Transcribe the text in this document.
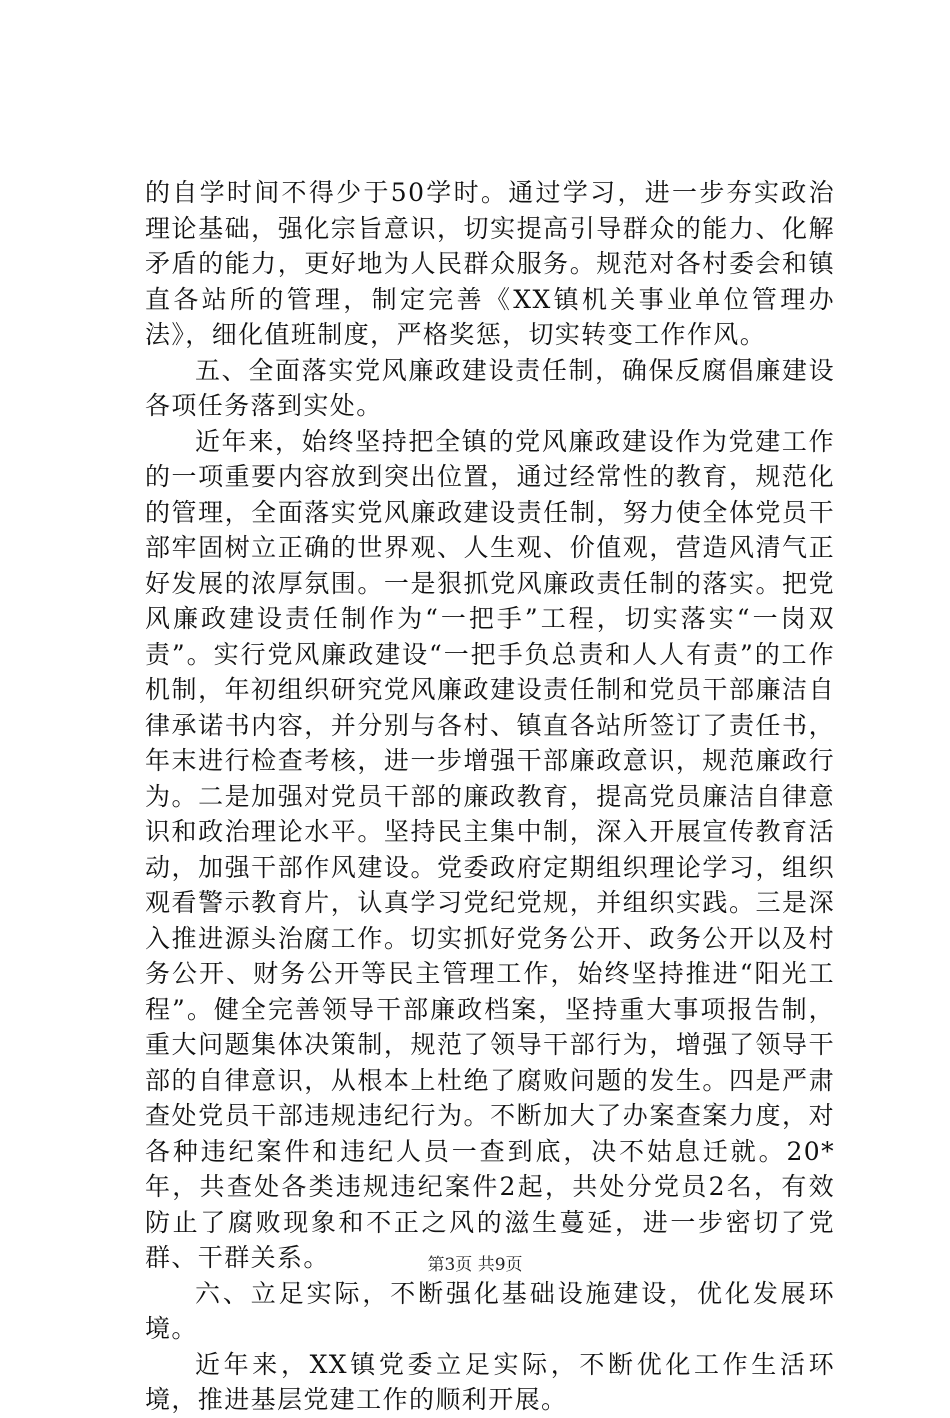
的自学时间不得少于50学时。通过学习，进一步夯实政治理论基础，强化宗旨意识，切实提高引导群众的能力、化解矛盾的能力，更好地为人民群众服务。规范对各村委会和镇直各站所的管理，制定完善《XX镇机关事业单位管理办法》，细化值班制度，严格奖惩，切实转变工作作风。

五、全面落实党风廉政建设责任制，确保反腐倡廉建设各项任务落到实处。

近年来，始终坚持把全镇的党风廉政建设作为党建工作的一项重要内容放到突出位置，通过经常性的教育，规范化的管理，全面落实党风廉政建设责任制，努力使全体党员干部牢固树立正确的世界观、人生观、价值观，营造风清气正好发展的浓厚氛围。一是狠抓党风廉政责任制的落实。把党风廉政建设责任制作为“一把手”工程，切实落实“一岗双责”。实行党风廉政建设“一把手负总责和人人有责”的工作机制，年初组织研究党风廉政建设责任制和党员干部廉洁自律承诺书内容，并分别与各村、镇直各站所签订了责任书，年末进行检查考核，进一步增强干部廉政意识，规范廉政行为。二是加强对党员干部的廉政教育，提高党员廉洁自律意识和政治理论水平。坚持民主集中制，深入开展宣传教育活动，加强干部作风建设。党委政府定期组织理论学习，组织观看警示教育片，认真学习党纪党规，并组织实践。三是深入推进源头治腐工作。切实抓好党务公开、政务公开以及村务公开、财务公开等民主管理工作，始终坚持推进“阳光工程”。健全完善领导干部廉政档案，坚持重大事项报告制，重大问题集体决策制，规范了领导干部行为，增强了领导干部的自律意识，从根本上杜绝了腐败问题的发生。四是严肃查处党员干部违规违纪行为。不断加大了办案查案力度，对各种违纪案件和违纪人员一查到底，决不姑息迁就。20*年，共查处各类违规违纪案件2起，共处分党员2名，有效防止了腐败现象和不正之风的滋生蔓延，进一步密切了党群、干群关系。

六、立足实际，不断强化基础设施建设，优化发展环境。

近年来，XX镇党委立足实际，不断优化工作生活环境，推进基层党建工作的顺利开展。

第3页 共9页
